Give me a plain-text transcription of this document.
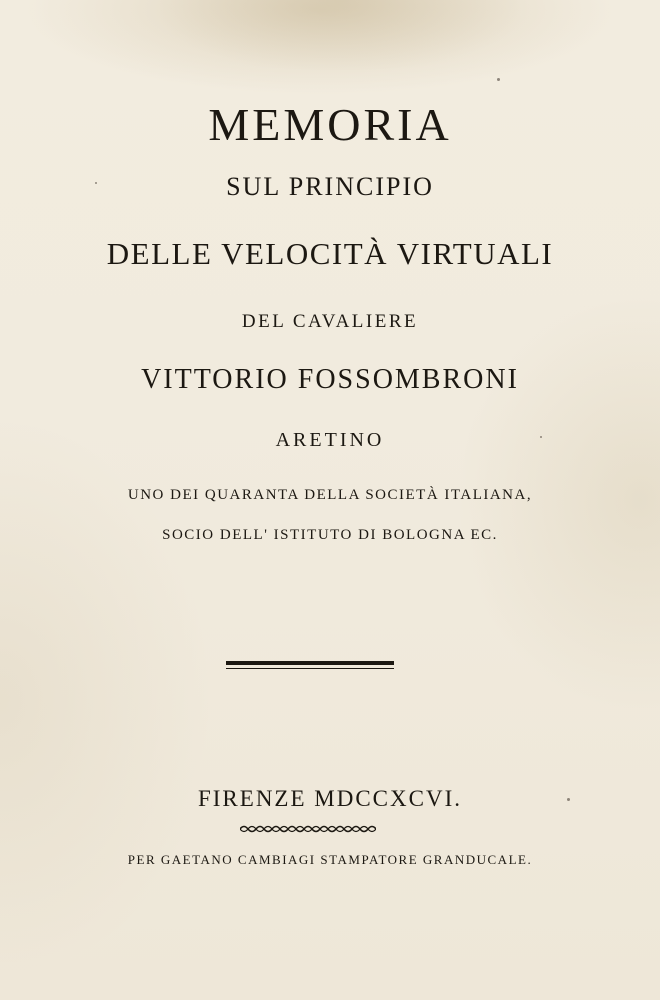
MEMORIA
SUL PRINCIPIO
DELLE VELOCITÀ VIRTUALI
DEL CAVALIERE
VITTORIO FOSSOMBRONI
ARETINO
UNO DEI QUARANTA DELLA SOCIETÀ ITALIANA,
SOCIO DELL' ISTITUTO DI BOLOGNA EC.
FIRENZE MDCCXCVI.
PER GAETANO CAMBIAGI STAMPATORE GRANDUCALE.
